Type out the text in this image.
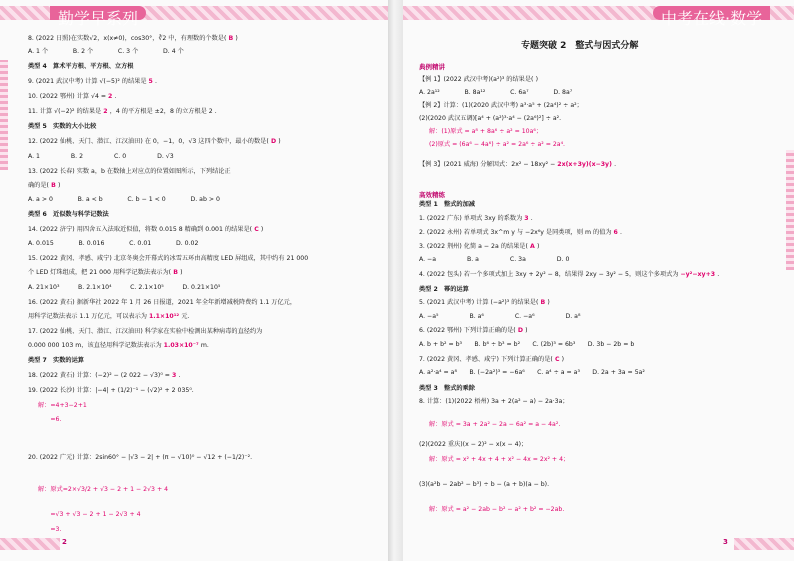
勤学早系列
8. (2022 日照)在实数√2，x(x≠0)，cos30°，∛2 中，有理数的个数是( B )
A. 1 个　　　　B. 2 个　　　　C. 3 个　　　　D. 4 个
类型 4　算术平方根、平方根、立方根
9. (2021 武汉中考) 计算 √(−5)² 的结果是 5 .
10. (2022 鄂州) 计算 √4 = 2 .
11. 计算 √(−2)² 的结果是 2 ，4 的平方根是 ±2，8 的立方根是 2 .
类型 5　实数的大小比较
12. (2022 仙桃、天门、潜江、江汉油田) 在 0，−1，0，√3 这四个数中，最小的数是( D )
A. 1　　　　　B. 2　　　　　C. 0　　　　　D. √3
13. (2022 长春) 实数 a，b 在数轴上对应点的位置如图所示，下列结论正
确的是( B )
A. a > 0　　　　B. a < b　　　　C. b − 1 < 0　　　　D. ab > 0
类型 6　近似数与科学记数法
14. (2022 济宁) 用四舍五入法取近似值，将数 0.015 8 精确到 0.001 的结果是( C )
A. 0.015　　　　B. 0.016　　　　C. 0.01　　　　D. 0.02
15. (2022 黄冈、孝感、咸宁) 北京冬奥会开幕式的冰雪五环由高精度 LED 屏组成，其中约有 21 000
个 LED 灯珠组成，把 21 000 用科学记数法表示为( B )
A. 21×10³　　　B. 2.1×10⁴　　　C. 2.1×10⁵　　　D. 0.21×10⁵
16. (2022 黄石) 据新华社 2022 年 1 月 26 日报道，2021 年全年新增减税降费约 1.1 万亿元，
用科学记数法表示 1.1 万亿元，可以表示为 1.1×10¹² 元.
17. (2022 仙桃、天门、潜江、江汉油田) 科学家在实验中检测出某种病毒的直径约为
0.000 000 103 m，该直径用科学记数法表示为 1.03×10⁻⁷ m.
类型 7　实数的运算
18. (2022 黄石) 计算：(−2)² − (2 022 − √3)⁰ = 3 .
19. (2022 长沙) 计算：|−4| + (1/2)⁻¹ − (√2)² + 2 035⁰.
解：=4+3−2+1
　　=6.
20. (2022 广元) 计算：2sin60° − |√3 − 2| + (π − √10)⁰ − √12 + (−1/2)⁻².
解：原式=2×√3/2 + √3 − 2 + 1 − 2√3 + 4
　　=√3 + √3 − 2 + 1 − 2√3 + 4
　　=3.
2
中考在线·数学
专题突破 2　整式与因式分解
典例精讲
高效精练
【例 1】(2022 武汉中考)(a²)³ 的结果是( )
A. 2a¹²　　　　B. 8a¹²　　　　C. 6a⁷　　　　D. 8a⁷
【例 2】计算：(1)(2020 武汉中考) a³·a⁵ + (2a⁴)² ÷ a²；
(2)(2020 武汉五调)[a⁴ + (a²)³·a⁴ − (2a⁶)²] ÷ a².
解：(1)原式 = a⁸ + 8a⁶ ÷ a² = 10a⁶；
(2)原式 = (6a⁶ − 4a⁶) ÷ a² = 2a⁶ ÷ a² = 2a⁴.
【例 3】(2021 威海) 分解因式：2x² − 18xy² − 2x(x+3y)(x−3y) .
类型 1　整式的加减
1. (2022 广东) 单项式 3xy 的系数为 3 .
2. (2022 永州) 若单项式 3x^m y 与 −2x⁶y 是同类项，则 m 的值为 6 .
3. (2022 荆州) 化简 a − 2a 的结果是( A )
A. −a　　　　　B. a　　　　　C. 3a　　　　　D. 0
4. (2022 包头) 若一个多项式加上 3xy + 2y² − 8，结果得 2xy − 3y² − 5，则这个多项式为 −y²−xy+3 .
类型 2　幂的运算
5. (2021 武汉中考) 计算 (−a²)³ 的结果是( B )
A. −a⁵　　　　　B. a⁶　　　　　C. −a⁶　　　　　D. a⁸
6. (2022 鄂州) 下列计算正确的是( D )
A. b + b² = b³　　B. b⁶ ÷ b³ = b²　　C. (2b)³ = 6b³　　D. 3b − 2b = b
7. (2022 黄冈、孝感、咸宁) 下列计算正确的是( C )
A. a²·a⁴ = a⁸　　B. (−2a²)³ = −6a⁶　　C. a⁴ ÷ a = a³　　D. 2a + 3a = 5a²
类型 3　整式的乘除
8. 计算：(1)(2022 梧州) 3a + 2(a² − a) − 2a·3a；
解：原式 = 3a + 2a² − 2a − 6a² = a − 4a².
(2)(2022 重庆)(x − 2)² − x(x − 4)；
解：原式 = x² + 4x + 4 + x² − 4x = 2x² + 4；
(3)(a²b − 2ab² − b³) ÷ b − (a + b)(a − b).
解：原式 = a² − 2ab − b² − a² + b² = −2ab.
3
